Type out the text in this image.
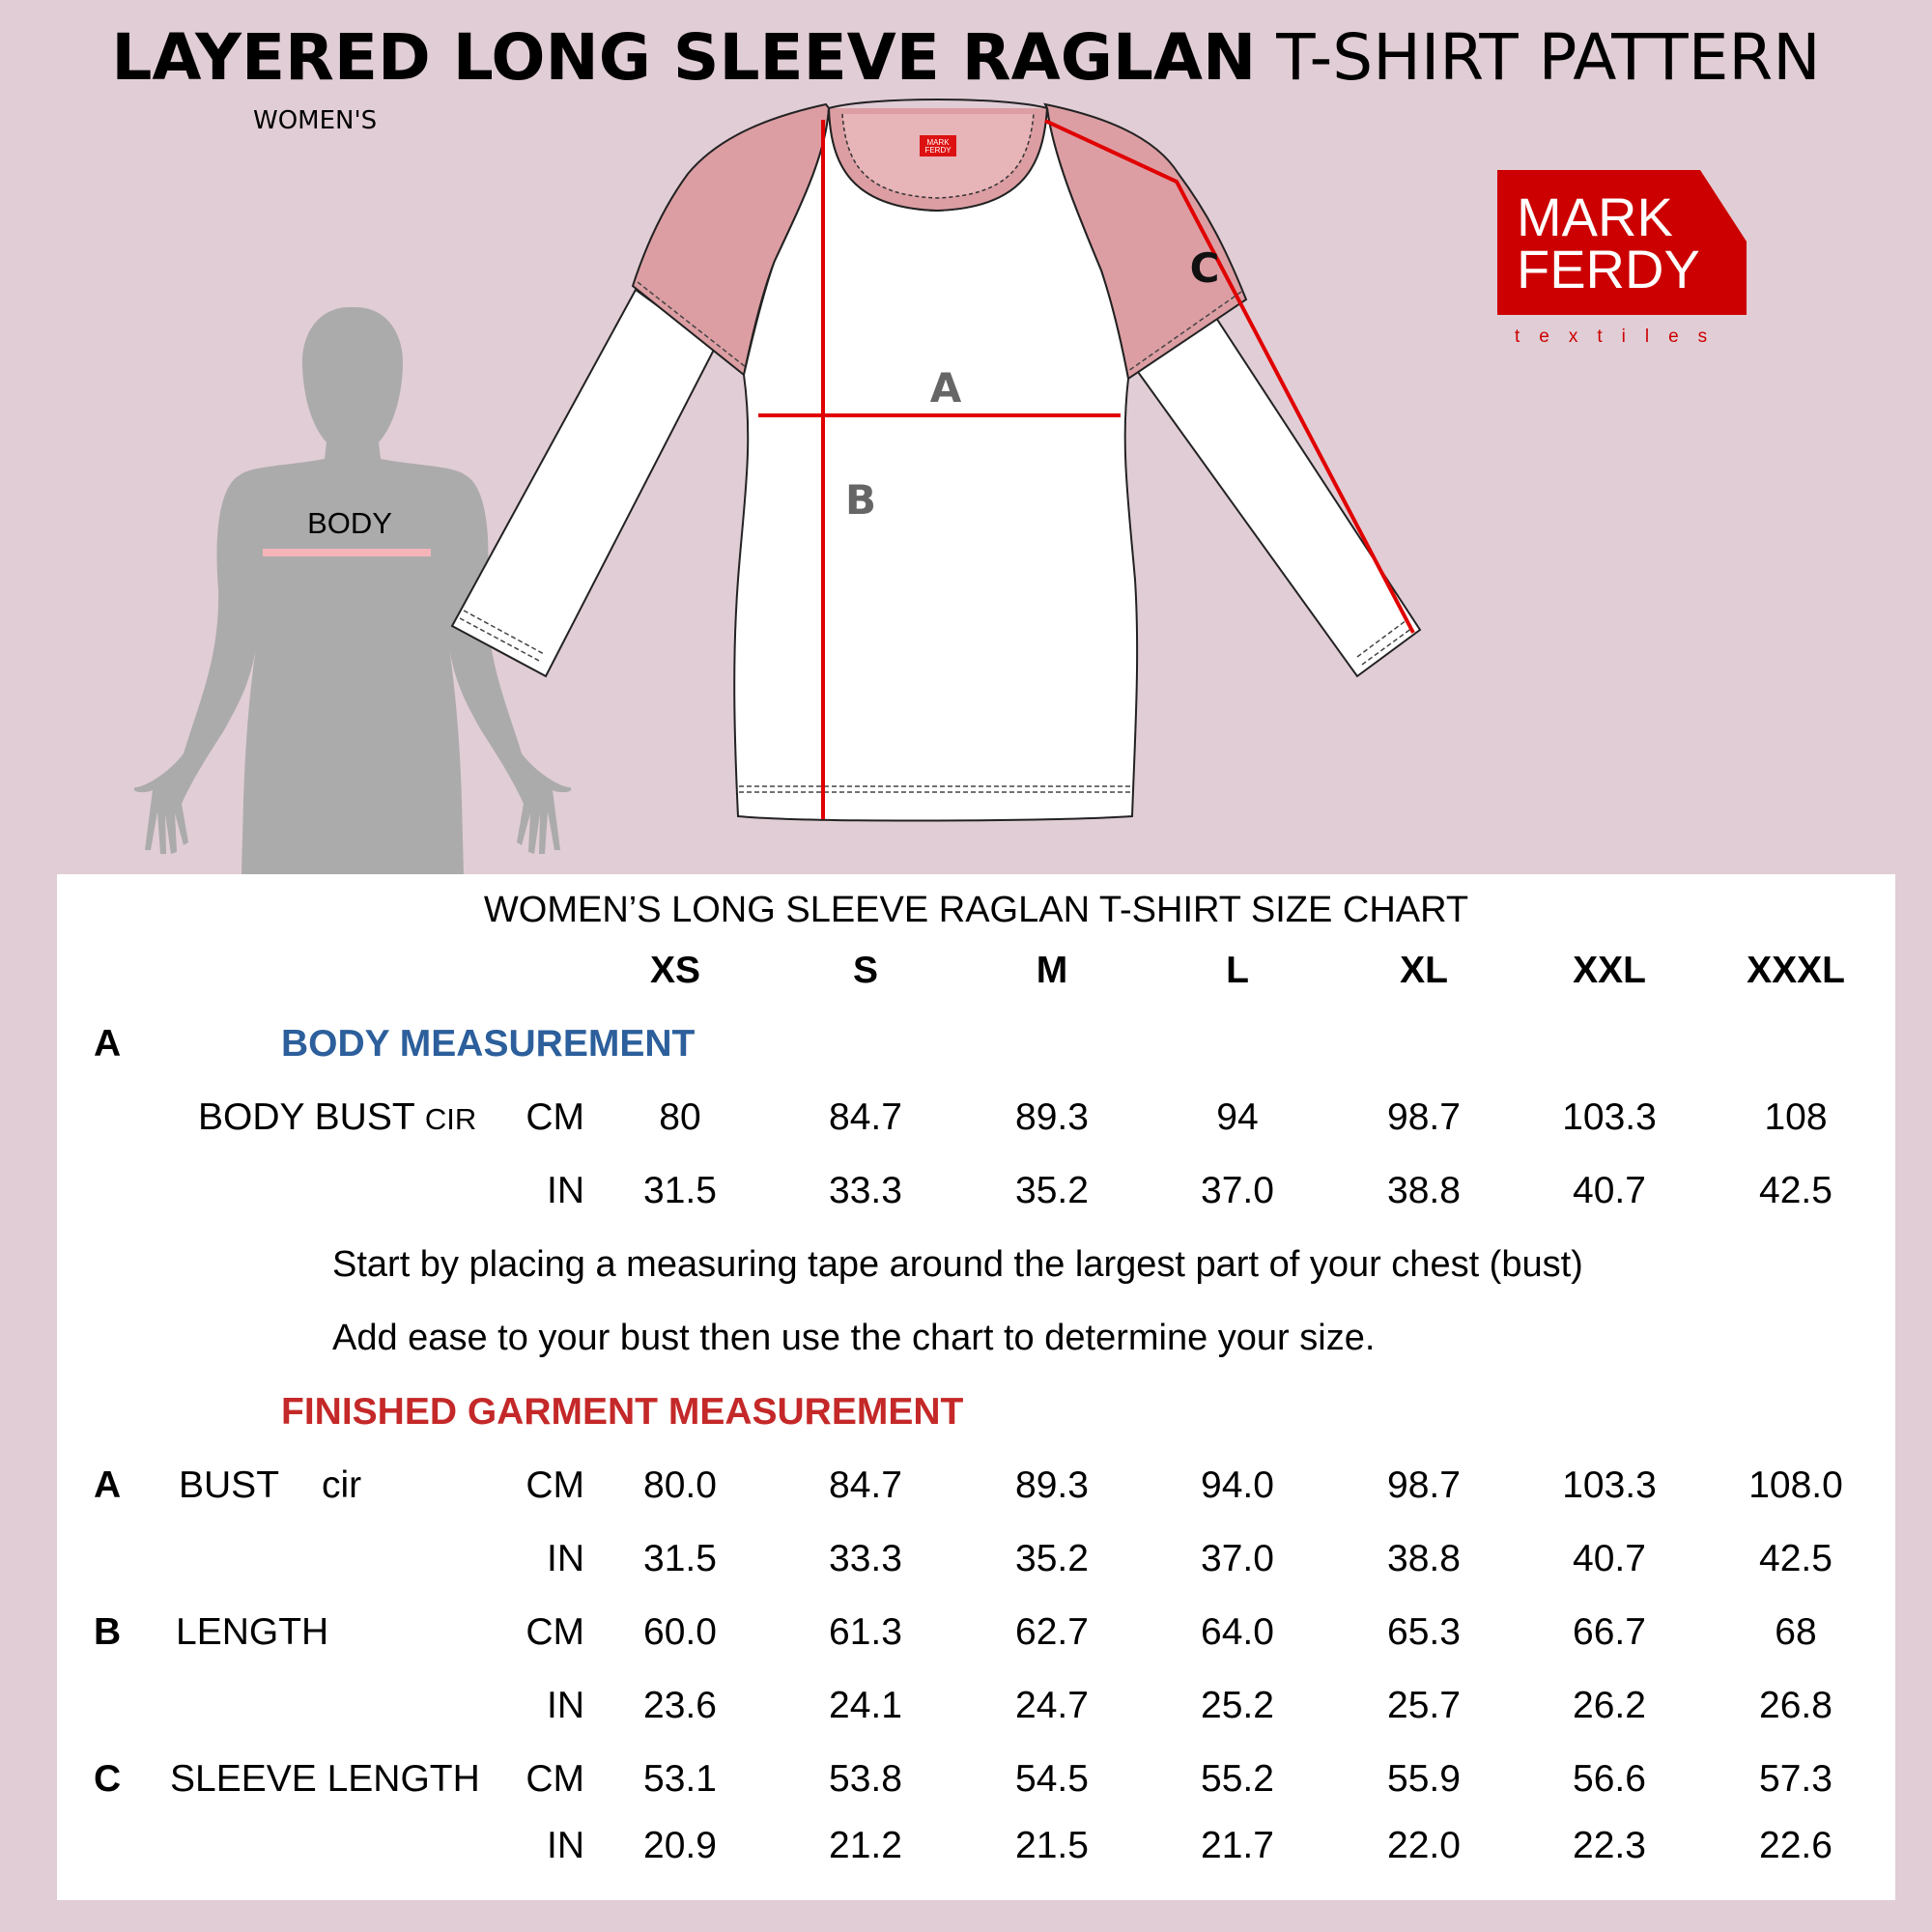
LAYERED LONG SLEEVE RAGLAN T-SHIRT PATTERN
WOMEN'S
BODY
MARK
FERDY
A
B
C
MARK
FERDY
textiles
WOMEN’S LONG SLEEVE RAGLAN T-SHIRT SIZE CHART
XS	S	M	L	XL	XXL	XXXL
A	BODY MEASUREMENT
BODY BUST CIR CM 80	84.7	89.3	94	98.7	103.3	108
IN 31.5	33.3	35.2	37.0	38.8	40.7	42.5
Start by placing a measuring tape around the largest part of your chest (bust)
Add ease to your bust then use the chart to determine your size.
FINISHED GARMENT MEASUREMENT
A BUST cir	CM 80.0	84.7	89.3	94.0	98.7	103.3 108.0
IN 31.5	33.3	35.2	37.0	38.8	40.7	42.5
B LENGTH	CM 60.0	61.3	62.7	64.0	65.3	66.7	68
IN 23.6	24.1	24.7	25.2	25.7	26.2	26.8
C SLEEVE LENGTH CM 53.1	53.8	54.5	55.2	55.9	56.6	57.3
IN 20.9	21.2	21.5	21.7	22.0	22.3	22.6
